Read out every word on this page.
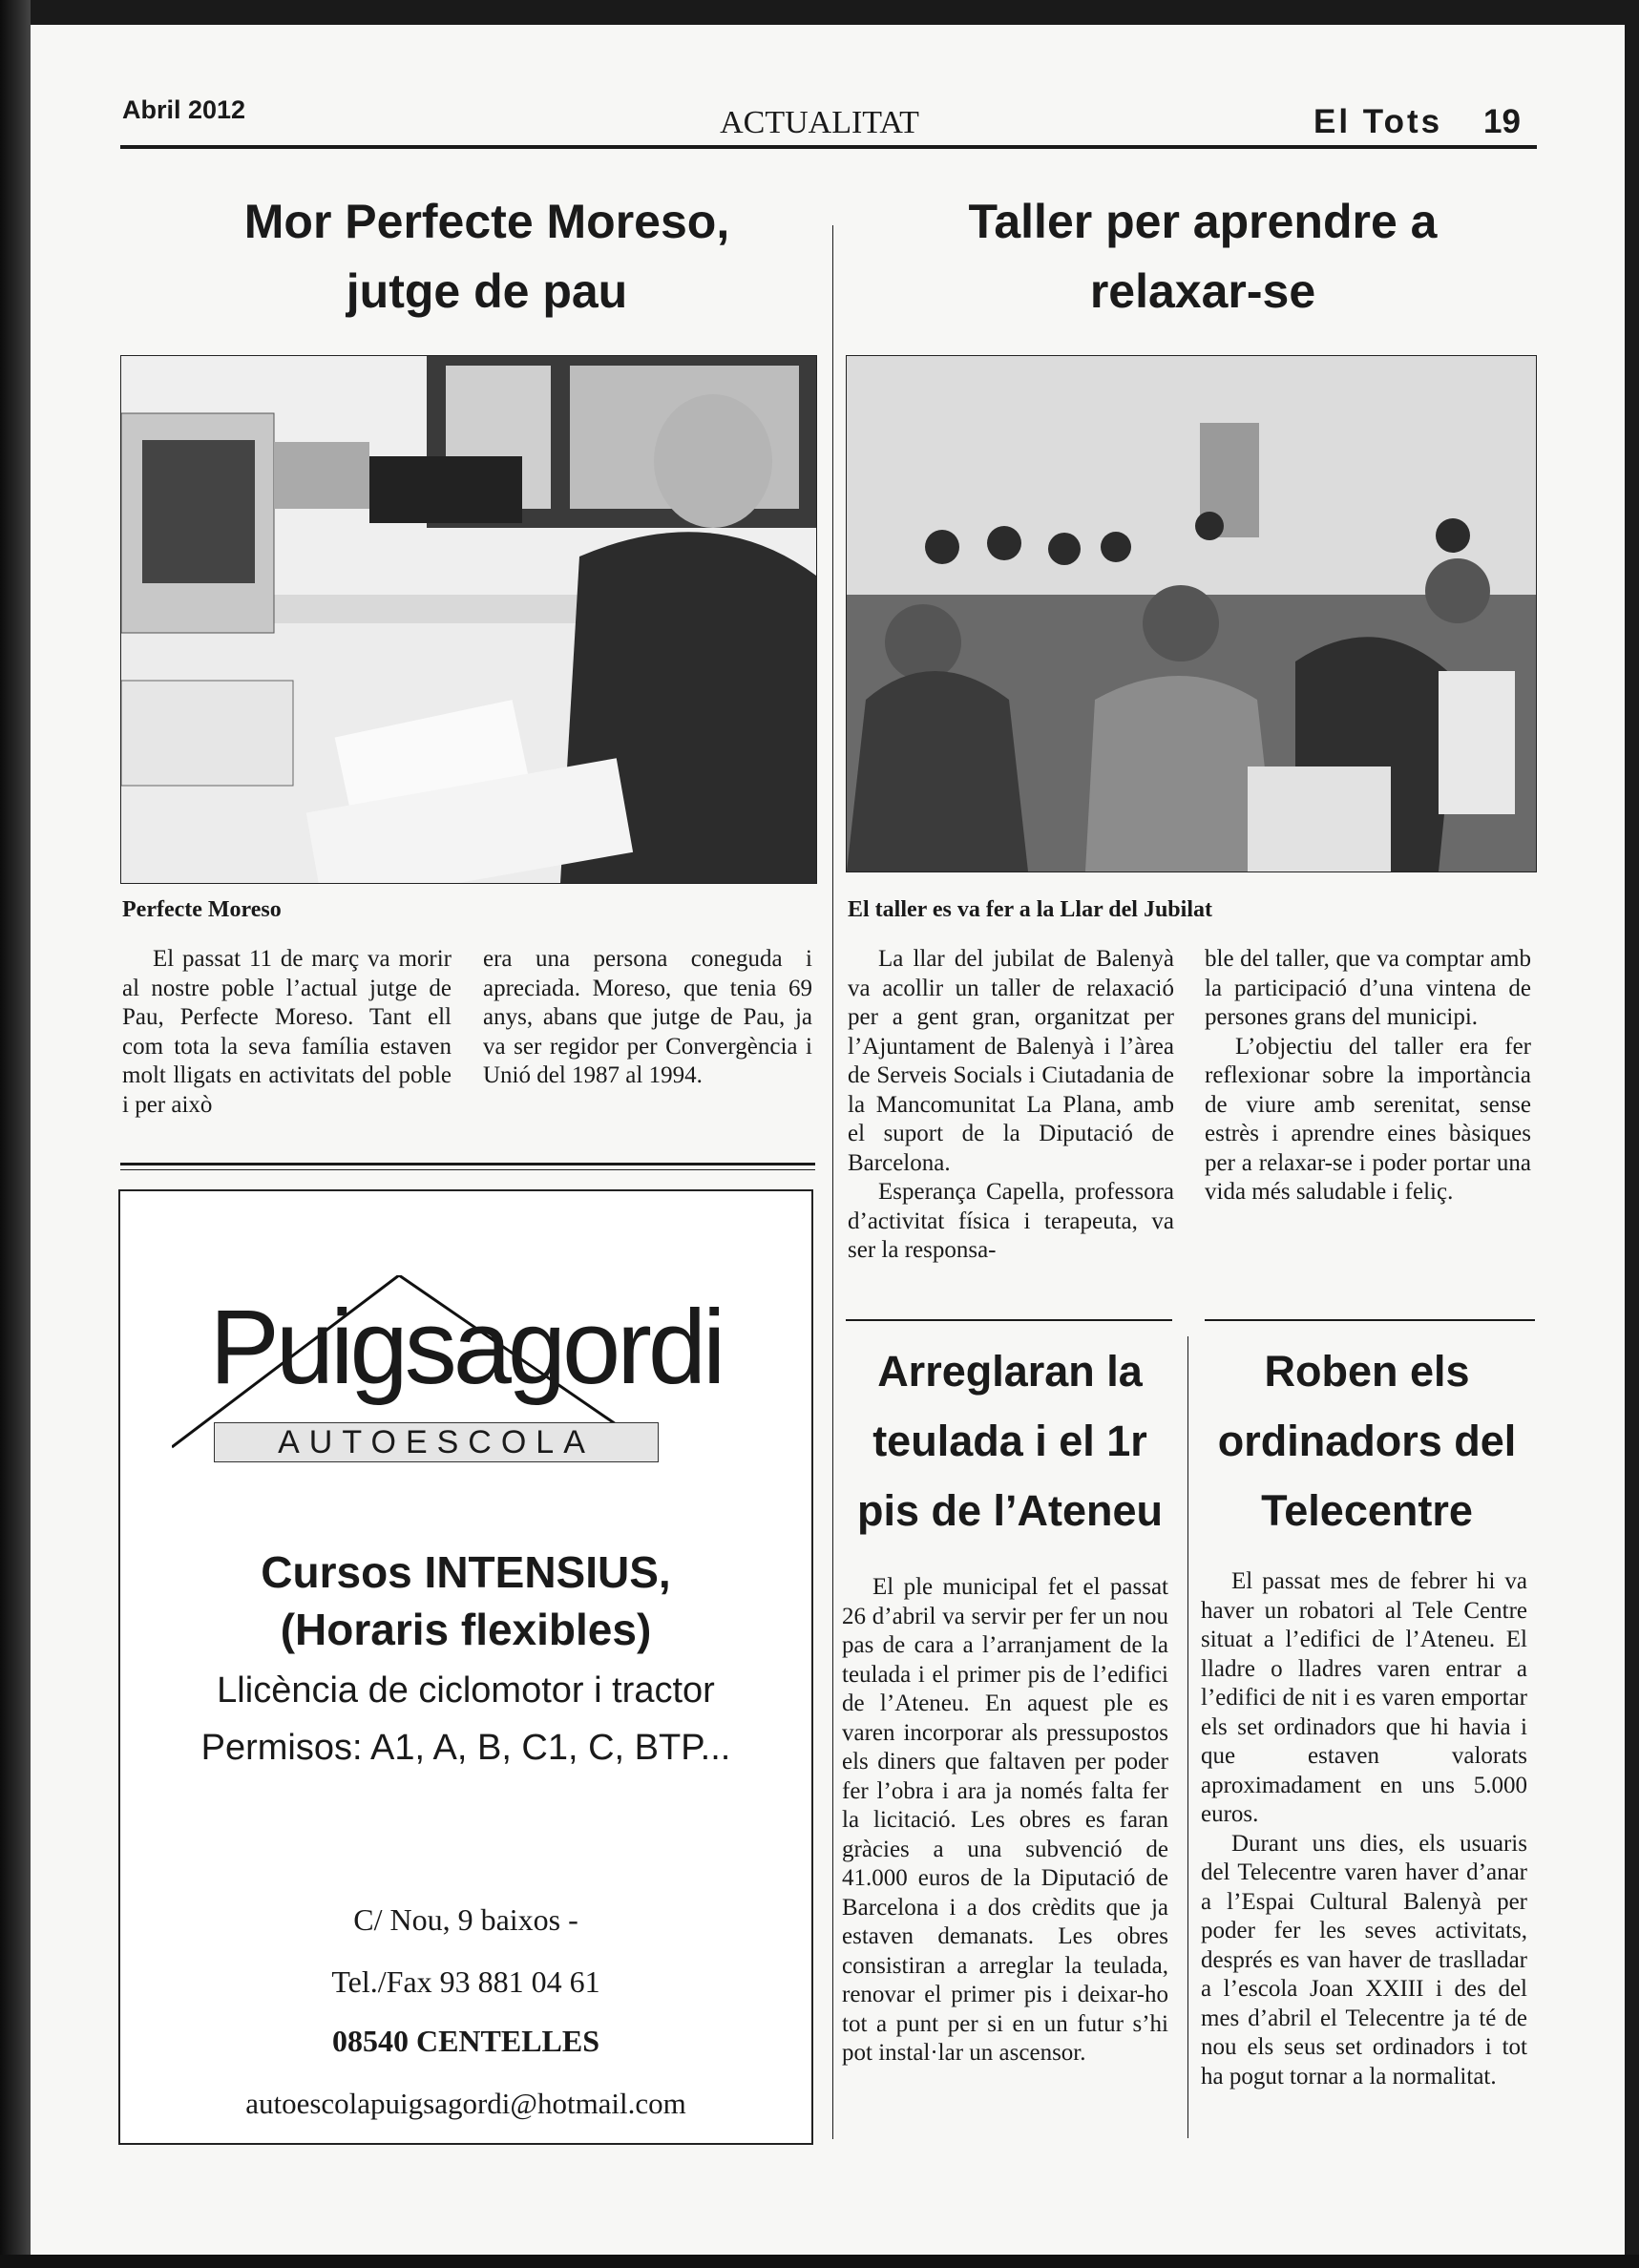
Abril 2012	ACTUALITAT	El Tots 19
Mor Perfecte Moreso, jutge de pau
Perfecte Moreso
El passat 11 de març va morir al nostre poble l’actual jutge de Pau, Perfecte Moreso. Tant ell com tota la seva família estaven molt lligats en activitats del poble i per això
era una persona coneguda i apreciada. Moreso, que tenia 69 anys, abans que jutge de Pau, ja va ser regidor per Convergència i Unió del 1987 al 1994.
Puigsagordi
AUTOESCOLA
Cursos INTENSIUS,
(Horaris flexibles)
Llicència de ciclomotor i tractor
Permisos: A1, A, B, C1, C, BTP...
C/ Nou, 9 baixos -
Tel./Fax 93 881 04 61
08540 CENTELLES
autoescolapuigsagordi@hotmail.com
Taller per aprendre a relaxar-se
El taller es va fer a la Llar del Jubilat

La llar del jubilat de Balenyà va acollir un taller de relaxació per a gent gran, organitzat per l’Ajuntament de Balenyà i l’àrea de Serveis Socials i Ciutadania de la Mancomunitat La Plana, amb el suport de la Diputació de Barcelona.

Esperança Capella, professora d’activitat física i terapeuta, va ser la responsa-

ble del taller, que va comptar amb la participació d’una vintena de persones grans del municipi.

L’objectiu del taller era fer reflexionar sobre la importància de viure amb serenitat, sense estrès i aprendre eines bàsiques per a relaxar-se i poder portar una vida més saludable i feliç.

Arreglaran la teulada i el 1r pis de l’Ateneu
El ple municipal fet el passat 26 d’abril va servir per fer un nou pas de cara a l’arranjament de la teulada i el primer pis de l’edifici de l’Ateneu. En aquest ple es varen incorporar als pressupostos els diners que faltaven per poder fer l’obra i ara ja només falta fer la licitació. Les obres es faran gràcies a una subvenció de 41.000 euros de la Diputació de Barcelona i a dos crèdits que ja estaven demanats. Les obres consistiran a arreglar la teulada, renovar el primer pis i deixar-ho tot a punt per si en un futur s’hi pot instal·lar un ascensor.
Roben els ordinadors del Telecentre

El passat mes de febrer hi va haver un robatori al Tele Centre situat a l’edifici de l’Ateneu. El lladre o lladres varen entrar a l’edifici de nit i es varen emportar els set ordinadors que hi havia i que estaven valorats aproximadament en uns 5.000 euros.

Durant uns dies, els usuaris del Telecentre varen haver d’anar a l’Espai Cultural Balenyà per poder fer les seves activitats, després es van haver de traslladar a l’escola Joan XXIII i des del mes d’abril el Telecentre ja té de nou els seus set ordinadors i tot ha pogut tornar a la normalitat.
